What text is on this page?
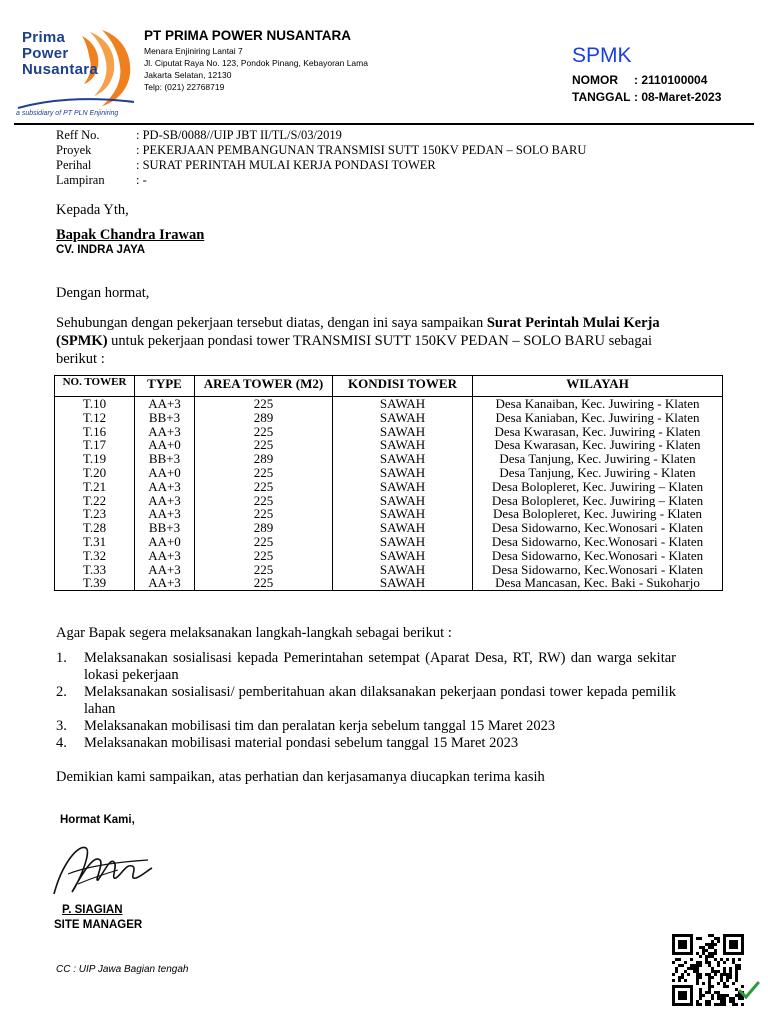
Prima
Power
Nusantara
a subsidiary of PT PLN Enjiniring
PT PRIMA POWER NUSANTARA
Menara Enjiniring Lantai 7
Jl. Ciputat Raya No. 123, Pondok Pinang, Kebayoran Lama
Jakarta Selatan, 12130
Telp: (021) 22768719
SPMK
NOMOR : 2110100004
TANGGAL : 08-Maret-2023
Reff No.	: PD-SB/0088//UIP JBT II/TL/S/03/2019
Proyek	: PEKERJAAN PEMBANGUNAN TRANSMISI SUTT 150KV PEDAN – SOLO BARU
Perihal	: SURAT PERINTAH MULAI KERJA PONDASI TOWER
Lampiran	: -
Kepada Yth,
Bapak Chandra Irawan
CV. INDRA JAYA
Dengan hormat,
Sehubungan dengan pekerjaan tersebut diatas, dengan ini saya sampaikan Surat Perintah Mulai Kerja
(SPMK) untuk pekerjaan pondasi tower TRANSMISI SUTT 150KV PEDAN – SOLO BARU sebagai
berikut :
NO. TOWER	TYPE	AREA TOWER (M2)	KONDISI TOWER	WILAYAH
T.10	AA+3	225	SAWAH	Desa Kanaiban, Kec. Juwiring - Klaten
T.12	BB+3	289	SAWAH	Desa Kaniaban, Kec. Juwiring - Klaten
T.16	AA+3	225	SAWAH	Desa Kwarasan, Kec. Juwiring - Klaten
T.17	AA+0	225	SAWAH	Desa Kwarasan, Kec. Juwiring - Klaten
T.19	BB+3	289	SAWAH	Desa Tanjung, Kec. Juwiring - Klaten
T.20	AA+0	225	SAWAH	Desa Tanjung, Kec. Juwiring - Klaten
T.21	AA+3	225	SAWAH	Desa Bolopleret, Kec. Juwiring – Klaten
T.22	AA+3	225	SAWAH	Desa Bolopleret, Kec. Juwiring – Klaten
T.23	AA+3	225	SAWAH	Desa Bolopleret, Kec. Juwiring - Klaten
T.28	BB+3	289	SAWAH	Desa Sidowarno, Kec.Wonosari - Klaten
T.31	AA+0	225	SAWAH	Desa Sidowarno, Kec.Wonosari - Klaten
T.32	AA+3	225	SAWAH	Desa Sidowarno, Kec.Wonosari - Klaten
T.33	AA+3	225	SAWAH	Desa Sidowarno, Kec.Wonosari - Klaten
T.39	AA+3	225	SAWAH	Desa Mancasan, Kec. Baki - Sukoharjo
Agar Bapak segera melaksanakan langkah-langkah sebagai berikut :
1. Melaksanakan sosialisasi kepada Pemerintahan setempat (Aparat Desa, RT, RW) dan warga sekitar lokasi pekerjaan
2. Melaksanakan sosialisasi/ pemberitahuan akan dilaksanakan pekerjaan pondasi tower kepada pemilik lahan
3. Melaksanakan mobilisasi tim dan peralatan kerja sebelum tanggal 15 Maret 2023
4. Melaksanakan mobilisasi material pondasi sebelum tanggal 15 Maret 2023
Demikian kami sampaikan, atas perhatian dan kerjasamanya diucapkan terima kasih
Hormat Kami,
P. SIAGIAN
SITE MANAGER
CC : UIP Jawa Bagian tengah
